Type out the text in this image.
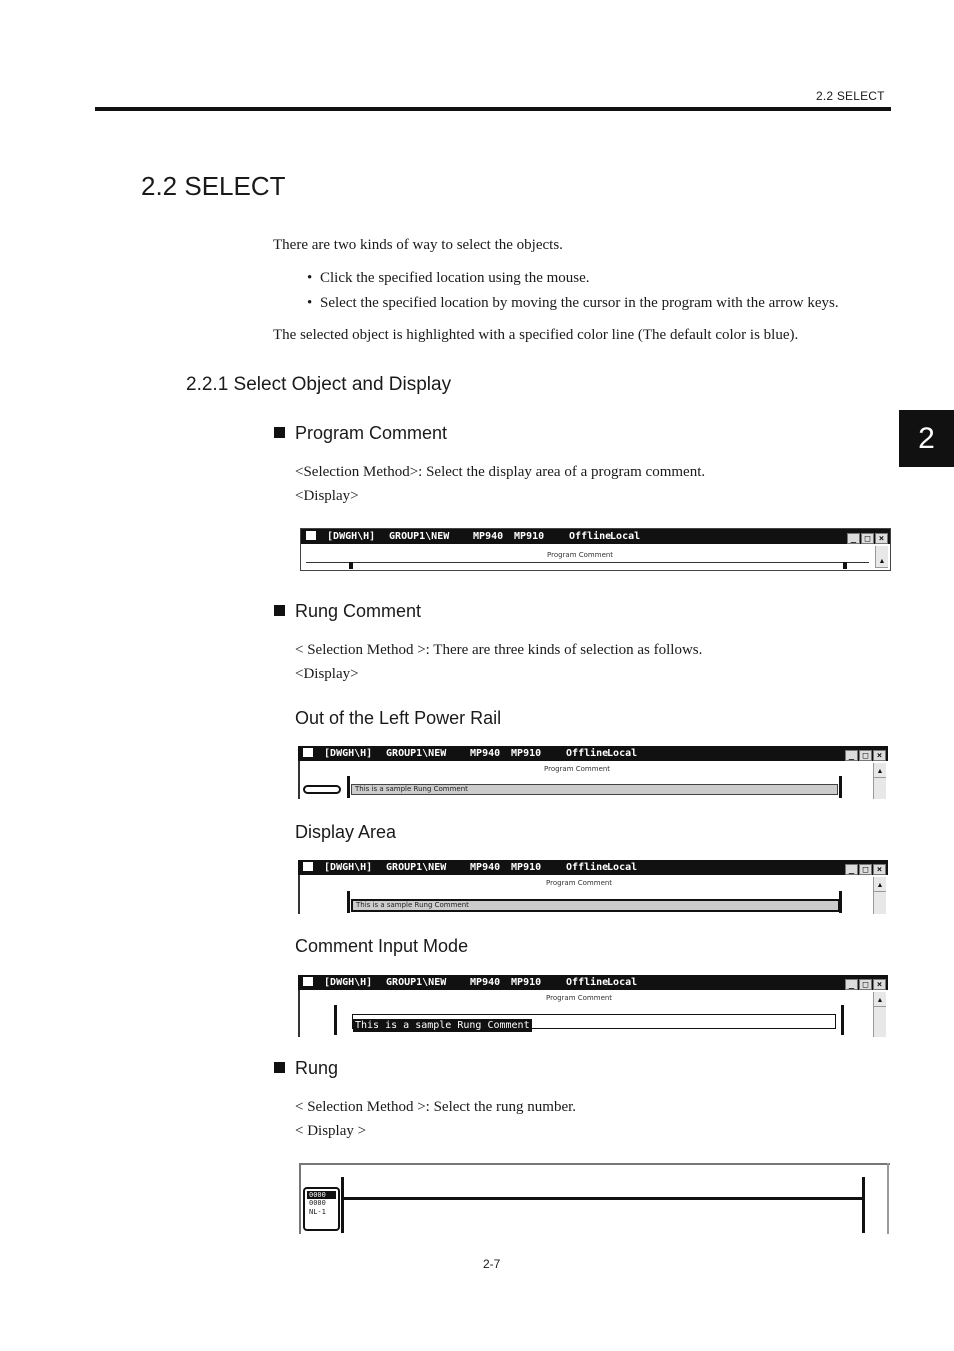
2.2 SELECT
2
2.2 SELECT
There are two kinds of way to select the objects.
• Click the specified location using the mouse.
• Select the specified location by moving the cursor in the program with the arrow keys.
The selected object is highlighted with a specified color line (The default color is blue).
2.2.1 Select Object and Display
Program Comment
<Selection Method>: Select the display area of a program comment.
<Display>
[DWGH\H] GROUP1\NEW MP940 MP910 OfflineLocal	_ □ ×
Program Comment
▲
Rung Comment
< Selection Method >: There are three kinds of selection as follows.
<Display>
Out of the Left Power Rail
[DWGH\H] GROUP1\NEW MP940 MP910 OfflineLocal	_ □ ×
Program Comment
This is a sample Rung Comment
▲
Display Area
[DWGH\H] GROUP1\NEW MP940 MP910 OfflineLocal	_ □ ×
Program Comment
This is a sample Rung Comment
▲
Comment Input Mode
[DWGH\H] GROUP1\NEW MP940 MP910 OfflineLocal	_ □ ×
Program Comment
This is a sample Rung Comment
▲
Rung
< Selection Method >: Select the rung number.
< Display >
0000
0000
NL-1
2-7
